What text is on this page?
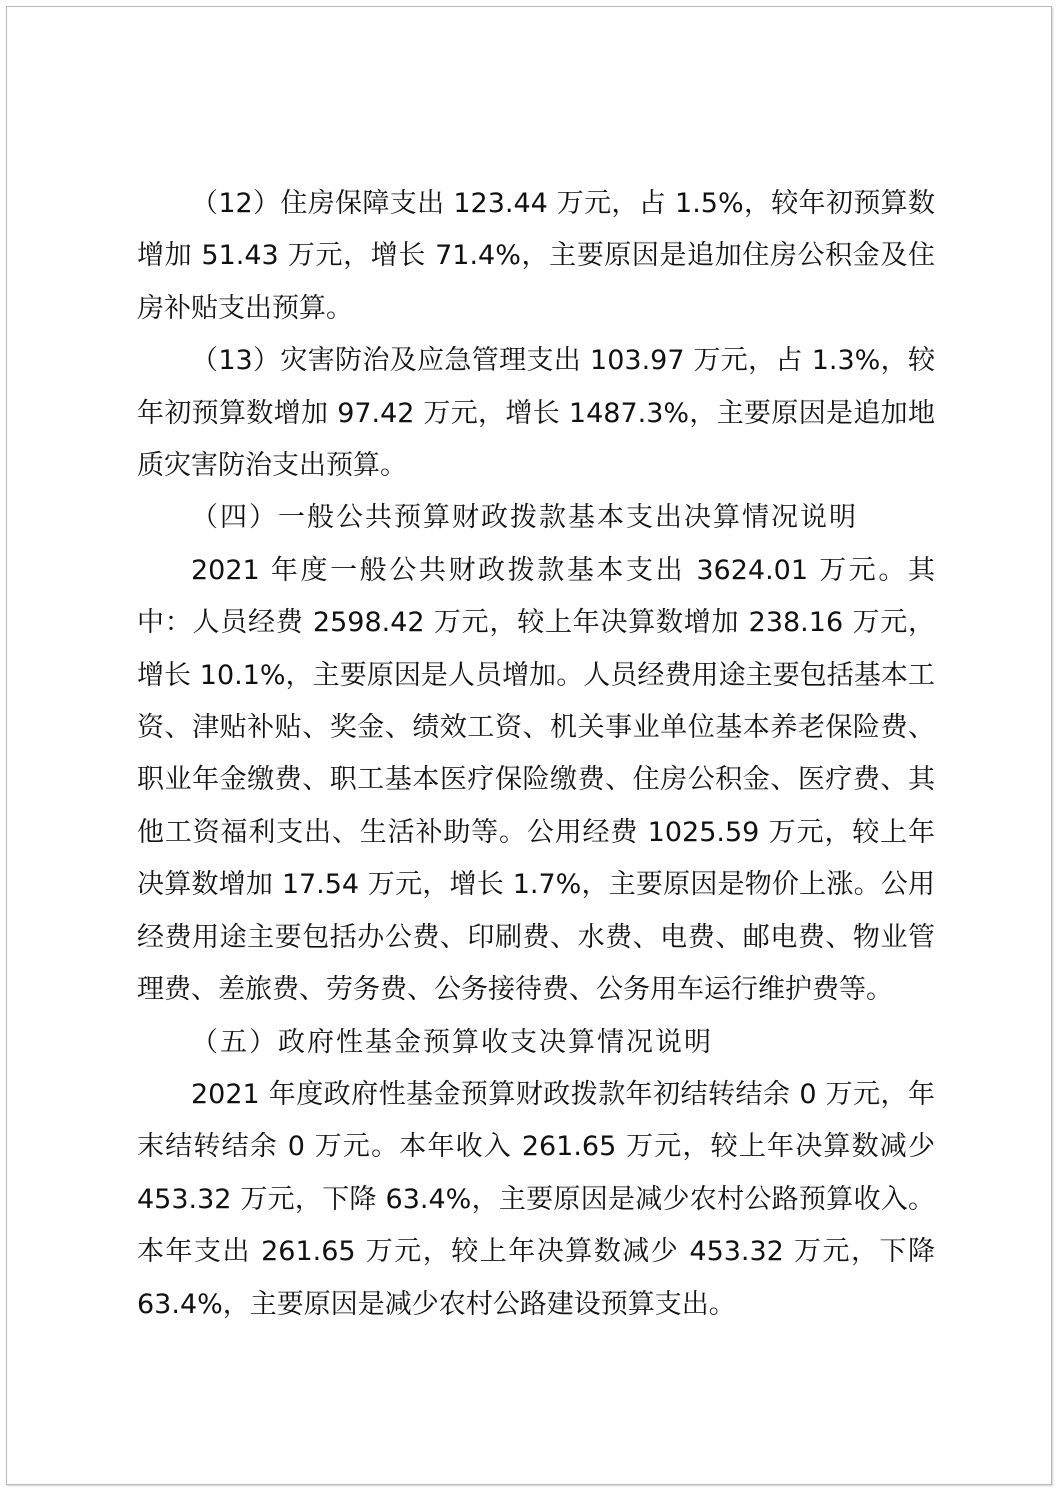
（12）住房保障支出 123.44 万元，占 1.5%，较年初预算数增加 51.43 万元，增长 71.4%，主要原因是追加住房公积金及住房补贴支出预算。

（13）灾害防治及应急管理支出 103.97 万元，占 1.3%，较年初预算数增加 97.42 万元，增长 1487.3%，主要原因是追加地质灾害防治支出预算。

（四）一般公共预算财政拨款基本支出决算情况说明

2021 年度一般公共财政拨款基本支出 3624.01 万元。其中：人员经费 2598.42 万元，较上年决算数增加 238.16 万元，增长 10.1%，主要原因是人员增加。人员经费用途主要包括基本工资、津贴补贴、奖金、绩效工资、机关事业单位基本养老保险费、职业年金缴费、职工基本医疗保险缴费、住房公积金、医疗费、其他工资福利支出、生活补助等。公用经费 1025.59 万元，较上年决算数增加 17.54 万元，增长 1.7%，主要原因是物价上涨。公用经费用途主要包括办公费、印刷费、水费、电费、邮电费、物业管理费、差旅费、劳务费、公务接待费、公务用车运行维护费等。

（五）政府性基金预算收支决算情况说明

2021 年度政府性基金预算财政拨款年初结转结余 0 万元，年末结转结余 0 万元。本年收入 261.65 万元，较上年决算数减少 453.32 万元，下降 63.4%，主要原因是减少农村公路预算收入。本年支出 261.65 万元，较上年决算数减少 453.32 万元，下降 63.4%，主要原因是减少农村公路建设预算支出。
